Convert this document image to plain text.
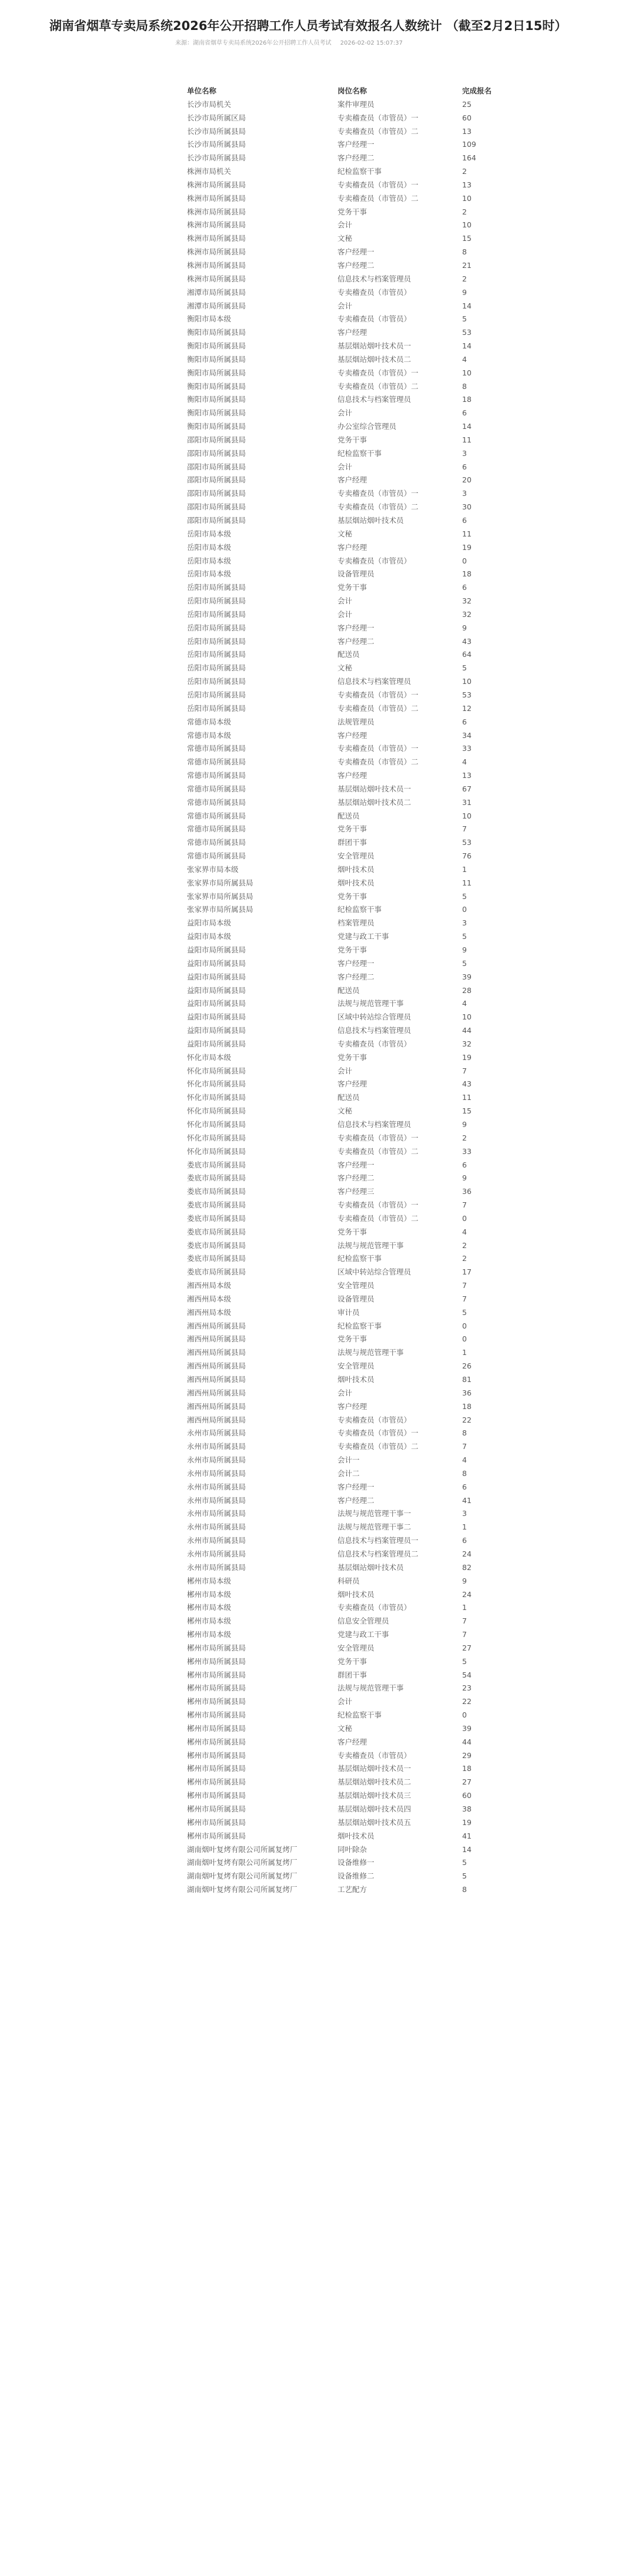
湖南省烟草专卖局系统2026年公开招聘工作人员考试有效报名人数统计 （截至2月2日15时）
来源：湖南省烟草专卖局系统2026年公开招聘工作人员考试 2026-02-02 15:07:37
单位名称	岗位名称	完成报名
长沙市局机关	案件审理员	25
长沙市局所属区局	专卖稽查员（市管员）一	60
长沙市局所属县局	专卖稽查员（市管员）二	13
长沙市局所属县局	客户经理一	109
长沙市局所属县局	客户经理二	164
株洲市局机关	纪检监察干事	2
株洲市局所属县局	专卖稽查员（市管员）一	13
株洲市局所属县局	专卖稽查员（市管员）二	10
株洲市局所属县局	党务干事	2
株洲市局所属县局	会计	10
株洲市局所属县局	文秘	15
株洲市局所属县局	客户经理一	8
株洲市局所属县局	客户经理二	21
株洲市局所属县局	信息技术与档案管理员	2
湘潭市局所属县局	专卖稽查员（市管员）	9
湘潭市局所属县局	会计	14
衡阳市局本级	专卖稽查员（市管员）	5
衡阳市局所属县局	客户经理	53
衡阳市局所属县局	基层烟站烟叶技术员一	14
衡阳市局所属县局	基层烟站烟叶技术员二	4
衡阳市局所属县局	专卖稽查员（市管员）一	10
衡阳市局所属县局	专卖稽查员（市管员）二	8
衡阳市局所属县局	信息技术与档案管理员	18
衡阳市局所属县局	会计	6
衡阳市局所属县局	办公室综合管理员	14
邵阳市局所属县局	党务干事	11
邵阳市局所属县局	纪检监察干事	3
邵阳市局所属县局	会计	6
邵阳市局所属县局	客户经理	20
邵阳市局所属县局	专卖稽查员（市管员）一	3
邵阳市局所属县局	专卖稽查员（市管员）二	30
邵阳市局所属县局	基层烟站烟叶技术员	6
岳阳市局本级	文秘	11
岳阳市局本级	客户经理	19
岳阳市局本级	专卖稽查员（市管员）	0
岳阳市局本级	设备管理员	18
岳阳市局所属县局	党务干事	6
岳阳市局所属县局	会计	32
岳阳市局所属县局	会计	32
岳阳市局所属县局	客户经理一	9
岳阳市局所属县局	客户经理二	43
岳阳市局所属县局	配送员	64
岳阳市局所属县局	文秘	5
岳阳市局所属县局	信息技术与档案管理员	10
岳阳市局所属县局	专卖稽查员（市管员）一	53
岳阳市局所属县局	专卖稽查员（市管员）二	12
常德市局本级	法规管理员	6
常德市局本级	客户经理	34
常德市局所属县局	专卖稽查员（市管员）一	33
常德市局所属县局	专卖稽查员（市管员）二	4
常德市局所属县局	客户经理	13
常德市局所属县局	基层烟站烟叶技术员一	67
常德市局所属县局	基层烟站烟叶技术员二	31
常德市局所属县局	配送员	10
常德市局所属县局	党务干事	7
常德市局所属县局	群团干事	53
常德市局所属县局	安全管理员	76
张家界市局本级	烟叶技术员	1
张家界市局所属县局	烟叶技术员	11
张家界市局所属县局	党务干事	5
张家界市局所属县局	纪检监察干事	0
益阳市局本级	档案管理员	3
益阳市局本级	党建与政工干事	5
益阳市局所属县局	党务干事	9
益阳市局所属县局	客户经理一	5
益阳市局所属县局	客户经理二	39
益阳市局所属县局	配送员	28
益阳市局所属县局	法规与规范管理干事	4
益阳市局所属县局	区域中转站综合管理员	10
益阳市局所属县局	信息技术与档案管理员	44
益阳市局所属县局	专卖稽查员（市管员）	32
怀化市局本级	党务干事	19
怀化市局所属县局	会计	7
怀化市局所属县局	客户经理	43
怀化市局所属县局	配送员	11
怀化市局所属县局	文秘	15
怀化市局所属县局	信息技术与档案管理员	9
怀化市局所属县局	专卖稽查员（市管员）一	2
怀化市局所属县局	专卖稽查员（市管员）二	33
娄底市局所属县局	客户经理一	6
娄底市局所属县局	客户经理二	9
娄底市局所属县局	客户经理三	36
娄底市局所属县局	专卖稽查员（市管员）一	7
娄底市局所属县局	专卖稽查员（市管员）二	0
娄底市局所属县局	党务干事	4
娄底市局所属县局	法规与规范管理干事	2
娄底市局所属县局	纪检监察干事	2
娄底市局所属县局	区域中转站综合管理员	17
湘西州局本级	安全管理员	7
湘西州局本级	设备管理员	7
湘西州局本级	审计员	5
湘西州局所属县局	纪检监察干事	0
湘西州局所属县局	党务干事	0
湘西州局所属县局	法规与规范管理干事	1
湘西州局所属县局	安全管理员	26
湘西州局所属县局	烟叶技术员	81
湘西州局所属县局	会计	36
湘西州局所属县局	客户经理	18
湘西州局所属县局	专卖稽查员（市管员）	22
永州市局所属县局	专卖稽查员（市管员）一	8
永州市局所属县局	专卖稽查员（市管员）二	7
永州市局所属县局	会计一	4
永州市局所属县局	会计二	8
永州市局所属县局	客户经理一	6
永州市局所属县局	客户经理二	41
永州市局所属县局	法规与规范管理干事一	3
永州市局所属县局	法规与规范管理干事二	1
永州市局所属县局	信息技术与档案管理员一	6
永州市局所属县局	信息技术与档案管理员二	24
永州市局所属县局	基层烟站烟叶技术员	82
郴州市局本级	科研员	9
郴州市局本级	烟叶技术员	24
郴州市局本级	专卖稽查员（市管员）	1
郴州市局本级	信息安全管理员	7
郴州市局本级	党建与政工干事	7
郴州市局所属县局	安全管理员	27
郴州市局所属县局	党务干事	5
郴州市局所属县局	群团干事	54
郴州市局所属县局	法规与规范管理干事	23
郴州市局所属县局	会计	22
郴州市局所属县局	纪检监察干事	0
郴州市局所属县局	文秘	39
郴州市局所属县局	客户经理	44
郴州市局所属县局	专卖稽查员（市管员）	29
郴州市局所属县局	基层烟站烟叶技术员一	18
郴州市局所属县局	基层烟站烟叶技术员二	27
郴州市局所属县局	基层烟站烟叶技术员三	60
郴州市局所属县局	基层烟站烟叶技术员四	38
郴州市局所属县局	基层烟站烟叶技术员五	19
郴州市局所属县局	烟叶技术员	41
湖南烟叶复烤有限公司所属复烤厂	同叶除杂	14
湖南烟叶复烤有限公司所属复烤厂	设备维修一	5
湖南烟叶复烤有限公司所属复烤厂	设备维修二	5
湖南烟叶复烤有限公司所属复烤厂	工艺配方	8
